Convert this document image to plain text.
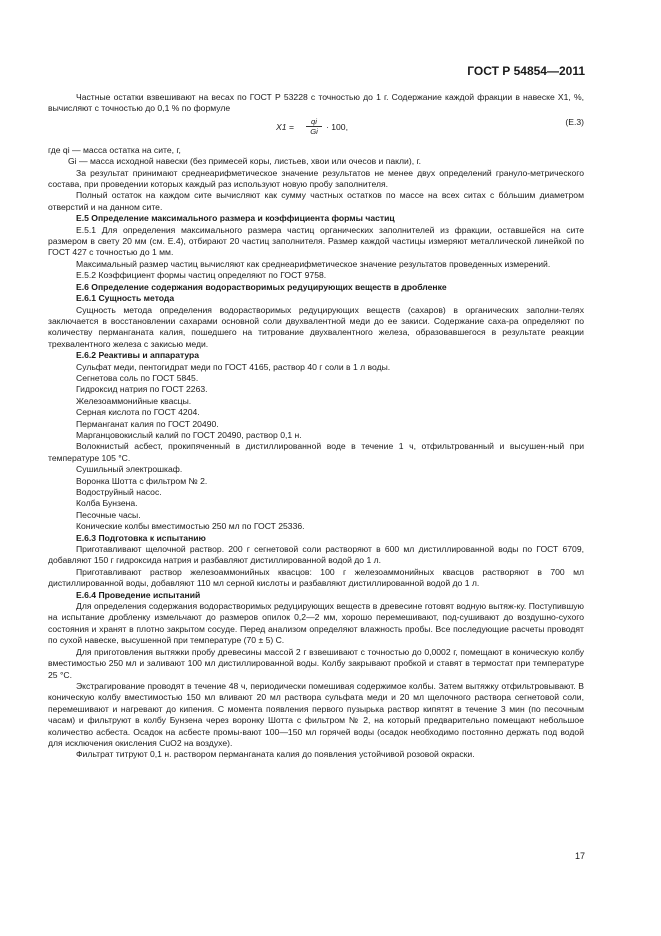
ГОСТ Р 54854—2011

Частные остатки взвешивают на весах по ГОСТ Р 53228 с точностью до 1 г. Содержание каждой фракции в навеске X1, %, вычисляют с точностью до 0,1 % по формуле

$X1 = \frac{qi}{Gi} \cdot 100$,	(Е.3)

где qi — масса остатка на сите, г,

Gi — масса исходной навески (без примесей коры, листьев, хвои или очесов и пакли), г.

За результат принимают среднеарифметическое значение результатов не менее двух определений грануло-метрического состава, при проведении которых каждый раз используют новую пробу заполнителя.

Полный остаток на каждом сите вычисляют как сумму частных остатков по массе на всех ситах с бо́льшим диаметром отверстий и на данном сите.

Е.5 Определение максимального размера и коэффициента формы частиц

Е.5.1 Для определения максимального размера частиц органических заполнителей из фракции, оставшейся на сите размером в свету 20 мм (см. Е.4), отбирают 20 частиц заполнителя. Размер каждой частицы измеряют металлической линейкой по ГОСТ 427 с точностью до 1 мм.

Максимальный размер частиц вычисляют как среднеарифметическое значение результатов проведенных измерений.

Е.5.2 Коэффициент формы частиц определяют по ГОСТ 9758.

Е.6 Определение содержания водорастворимых редуцирующих веществ в дробленке

Е.6.1 Сущность метода

Сущность метода определения водорастворимых редуцирующих веществ (сахаров) в органических заполни-телях заключается в восстановлении сахарами основной соли двухвалентной меди до ее закиси. Содержание саха-ра определяют по количеству перманганата калия, пошедшего на титрование двухвалентного железа, образовавшегося в результате реакции трехвалентного железа с закисью меди.

Е.6.2 Реактивы и аппаратура

Сульфат меди, пентогидрат меди по ГОСТ 4165, раствор 40 г соли в 1 л воды.

Сегнетова соль по ГОСТ 5845.

Гидроксид натрия по ГОСТ 2263.

Железоаммонийные квасцы.

Серная кислота по ГОСТ 4204.

Перманганат калия по ГОСТ 20490.

Марганцовокислый калий по ГОСТ 20490, раствор 0,1 н.

Волокнистый асбест, прокипяченный в дистиллированной воде в течение 1 ч, отфильтрованный и высушен-ный при температуре 105 °С.

Сушильный электрошкаф.

Воронка Шотта с фильтром № 2.

Водоструйный насос.

Колба Бунзена.

Песочные часы.

Конические колбы вместимостью 250 мл по ГОСТ 25336.

Е.6.3 Подготовка к испытанию

Приготавливают щелочной раствор. 200 г сегнетовой соли растворяют в 600 мл дистиллированной воды по ГОСТ 6709, добавляют 150 г гидроксида натрия и разбавляют дистиллированной водой до 1 л.

Приготавливают раствор железоаммонийных квасцов: 100 г железоаммонийных квасцов растворяют в 700 мл дистиллированной воды, добавляют 110 мл серной кислоты и разбавляют дистиллированной водой до 1 л.

Е.6.4 Проведение испытаний

Для определения содержания водорастворимых редуцирующих веществ в древесине готовят водную вытяж-ку. Поступившую на испытание дробленку измельчают до размеров опилок 0,2—2 мм, хорошо перемешивают, под-сушивают до воздушно-сухого состояния и хранят в плотно закрытом сосуде. Перед анализом определяют влажность пробы. Все последующие расчеты проводят по сухой навеске, высушенной при температуре (70 ± 5) С.

Для приготовления вытяжки пробу древесины массой 2 г взвешивают с точностью до 0,0002 г, помещают в коническую колбу вместимостью 250 мл и заливают 100 мл дистиллированной воды. Колбу закрывают пробкой и ставят в термостат при температуре 25 °С.

Экстрагирование проводят в течение 48 ч, периодически помешивая содержимое колбы. Затем вытяжку отфильтровывают. В коническую колбу вместимостью 150 мл вливают 20 мл раствора сульфата меди и 20 мл щелочного раствора сегнетовой соли, перемешивают и нагревают до кипения. С момента появления первого пузырька раствор кипятят в течение 3 мин (по песочным часам) и фильтруют в колбу Бунзена через воронку Шотта с фильтром № 2, на который предварительно помещают небольшое количество асбеста. Осадок на асбесте промы-вают 100—150 мл горячей воды (осадок необходимо постоянно держать под водой для исключения окисления CuO2 на воздухе).

Фильтрат титруют 0,1 н. раствором перманганата калия до появления устойчивой розовой окраски.

17
